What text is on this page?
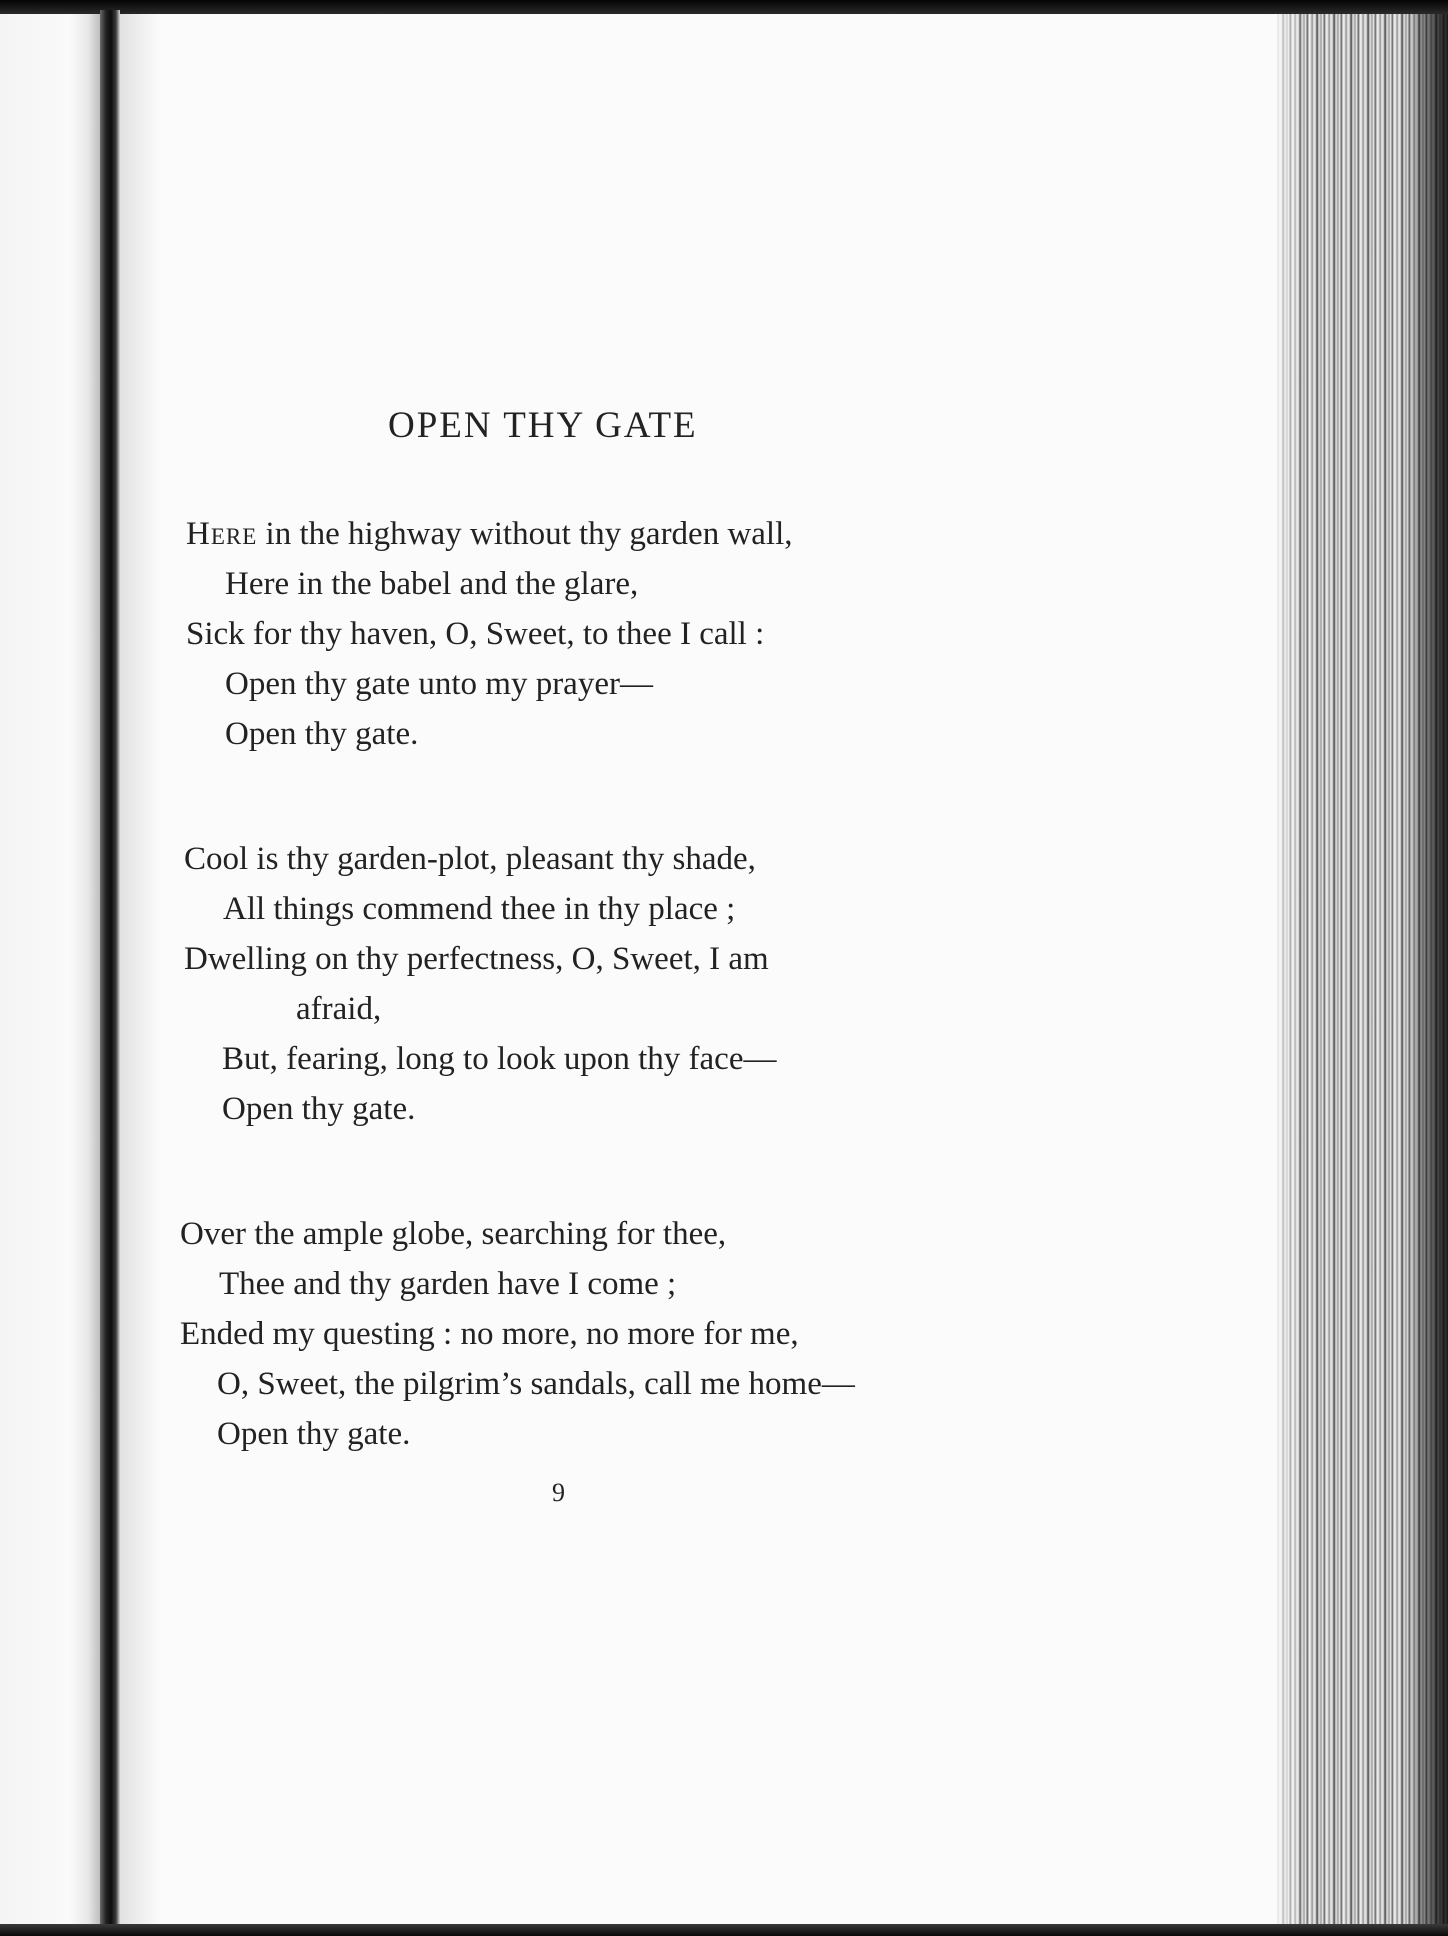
OPEN THY GATE
Here in the highway without thy garden wall,
Here in the babel and the glare,
Sick for thy haven, O, Sweet, to thee I call :
Open thy gate unto my prayer—
Open thy gate.
Cool is thy garden-plot, pleasant thy shade,
All things commend thee in thy place ;
Dwelling on thy perfectness, O, Sweet, I am
afraid,
But, fearing, long to look upon thy face—
Open thy gate.
Over the ample globe, searching for thee,
Thee and thy garden have I come ;
Ended my questing : no more, no more for me,
O, Sweet, the pilgrim’s sandals, call me home—
Open thy gate.
9
